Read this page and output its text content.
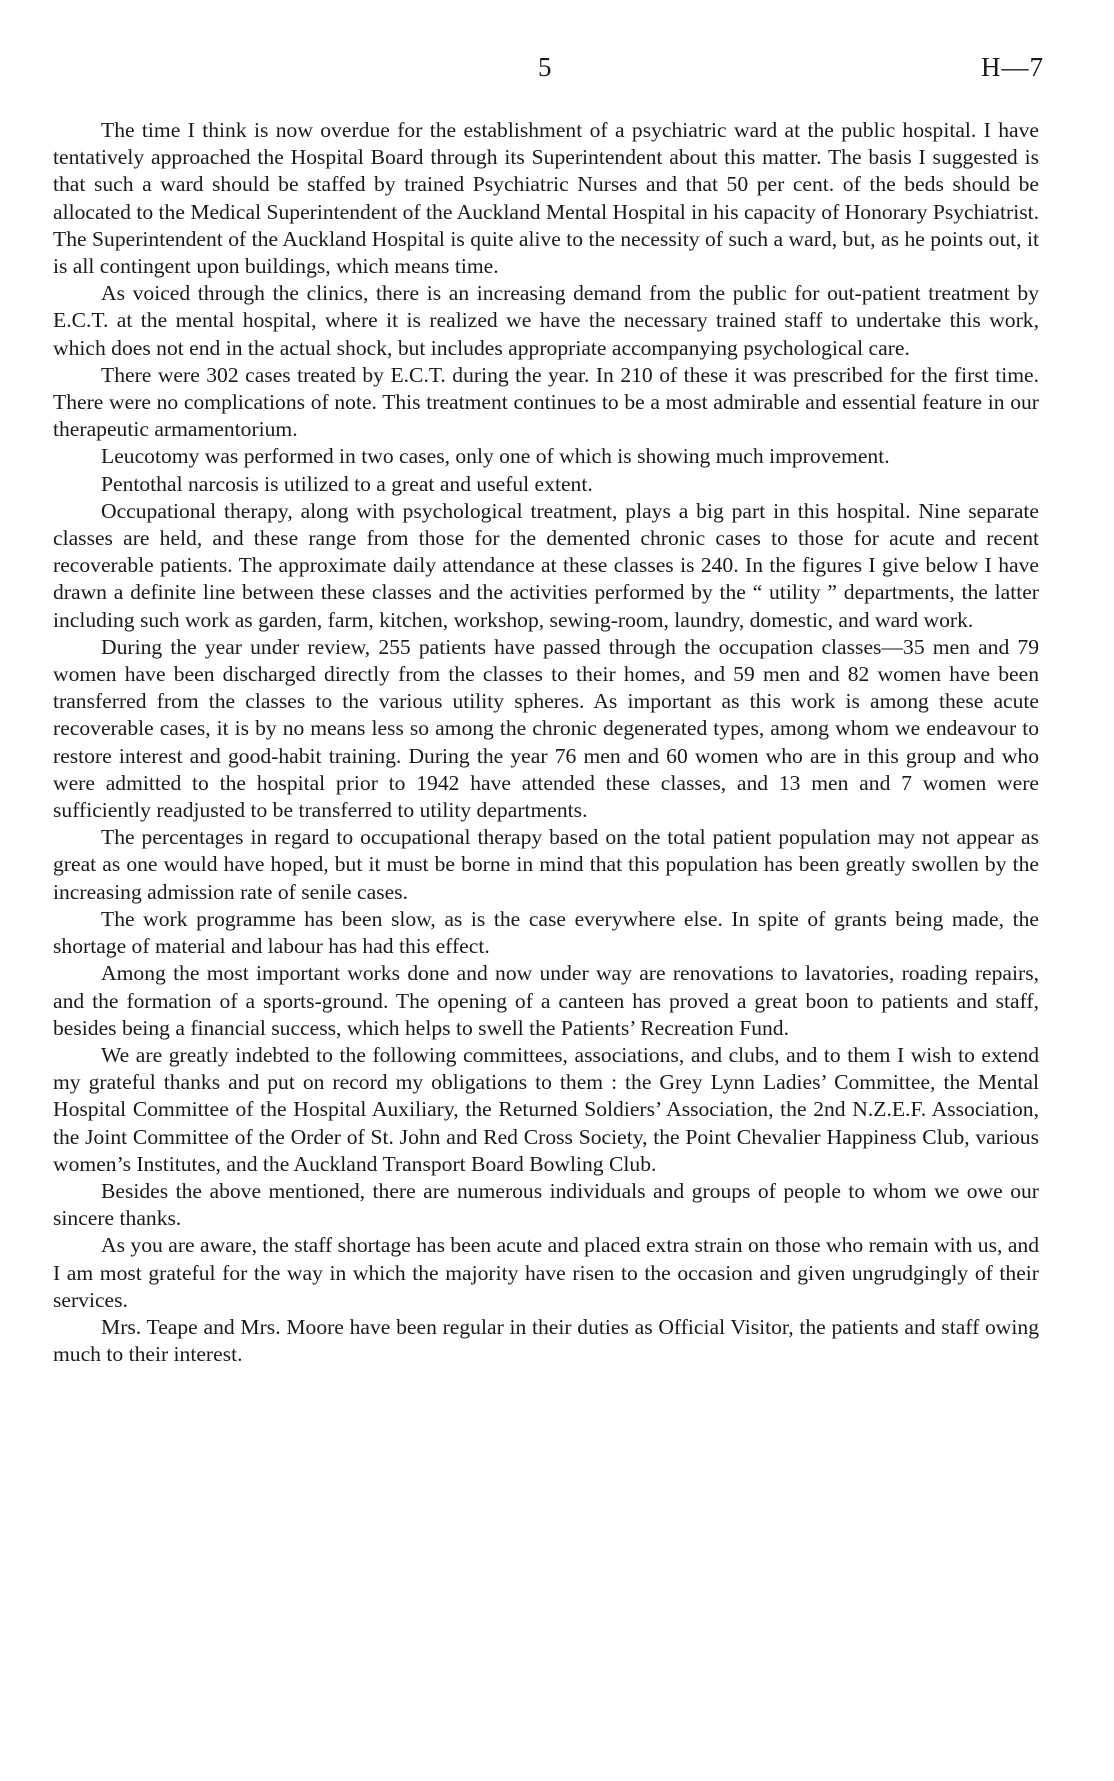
5	H—7

The time I think is now overdue for the establishment of a psychiatric ward at the public hospital. I have tentatively approached the Hospital Board through its Superintendent about this matter. The basis I suggested is that such a ward should be staffed by trained Psychiatric Nurses and that 50 per cent. of the beds should be allocated to the Medical Superintendent of the Auckland Mental Hospital in his capacity of Honorary Psychiatrist. The Superintendent of the Auckland Hospital is quite alive to the necessity of such a ward, but, as he points out, it is all contingent upon buildings, which means time.

As voiced through the clinics, there is an increasing demand from the public for out-patient treatment by E.C.T. at the mental hospital, where it is realized we have the necessary trained staff to undertake this work, which does not end in the actual shock, but includes appropriate accompanying psychological care.

There were 302 cases treated by E.C.T. during the year. In 210 of these it was prescribed for the first time. There were no complications of note. This treatment continues to be a most admirable and essential feature in our therapeutic armamentorium.

Leucotomy was performed in two cases, only one of which is showing much improvement.

Pentothal narcosis is utilized to a great and useful extent.

Occupational therapy, along with psychological treatment, plays a big part in this hospital. Nine separate classes are held, and these range from those for the demented chronic cases to those for acute and recent recoverable patients. The approximate daily attendance at these classes is 240. In the figures I give below I have drawn a definite line between these classes and the activities performed by the “ utility ” departments, the latter including such work as garden, farm, kitchen, workshop, sewing-room, laundry, domestic, and ward work.

During the year under review, 255 patients have passed through the occupation classes—35 men and 79 women have been discharged directly from the classes to their homes, and 59 men and 82 women have been transferred from the classes to the various utility spheres. As important as this work is among these acute recoverable cases, it is by no means less so among the chronic degenerated types, among whom we endeavour to restore interest and good-habit training. During the year 76 men and 60 women who are in this group and who were admitted to the hospital prior to 1942 have attended these classes, and 13 men and 7 women were sufficiently readjusted to be transferred to utility departments.

The percentages in regard to occupational therapy based on the total patient population may not appear as great as one would have hoped, but it must be borne in mind that this population has been greatly swollen by the increasing admission rate of senile cases.

The work programme has been slow, as is the case everywhere else. In spite of grants being made, the shortage of material and labour has had this effect.

Among the most important works done and now under way are renovations to lavatories, roading repairs, and the formation of a sports-ground. The opening of a canteen has proved a great boon to patients and staff, besides being a financial success, which helps to swell the Patients’ Recreation Fund.

We are greatly indebted to the following committees, associations, and clubs, and to them I wish to extend my grateful thanks and put on record my obligations to them : the Grey Lynn Ladies’ Committee, the Mental Hospital Committee of the Hospital Auxiliary, the Returned Soldiers’ Association, the 2nd N.Z.E.F. Association, the Joint Committee of the Order of St. John and Red Cross Society, the Point Chevalier Happiness Club, various women’s Institutes, and the Auckland Transport Board Bowling Club.

Besides the above mentioned, there are numerous individuals and groups of people to whom we owe our sincere thanks.

As you are aware, the staff shortage has been acute and placed extra strain on those who remain with us, and I am most grateful for the way in which the majority have risen to the occasion and given ungrudgingly of their services.

Mrs. Teape and Mrs. Moore have been regular in their duties as Official Visitor, the patients and staff owing much to their interest.
